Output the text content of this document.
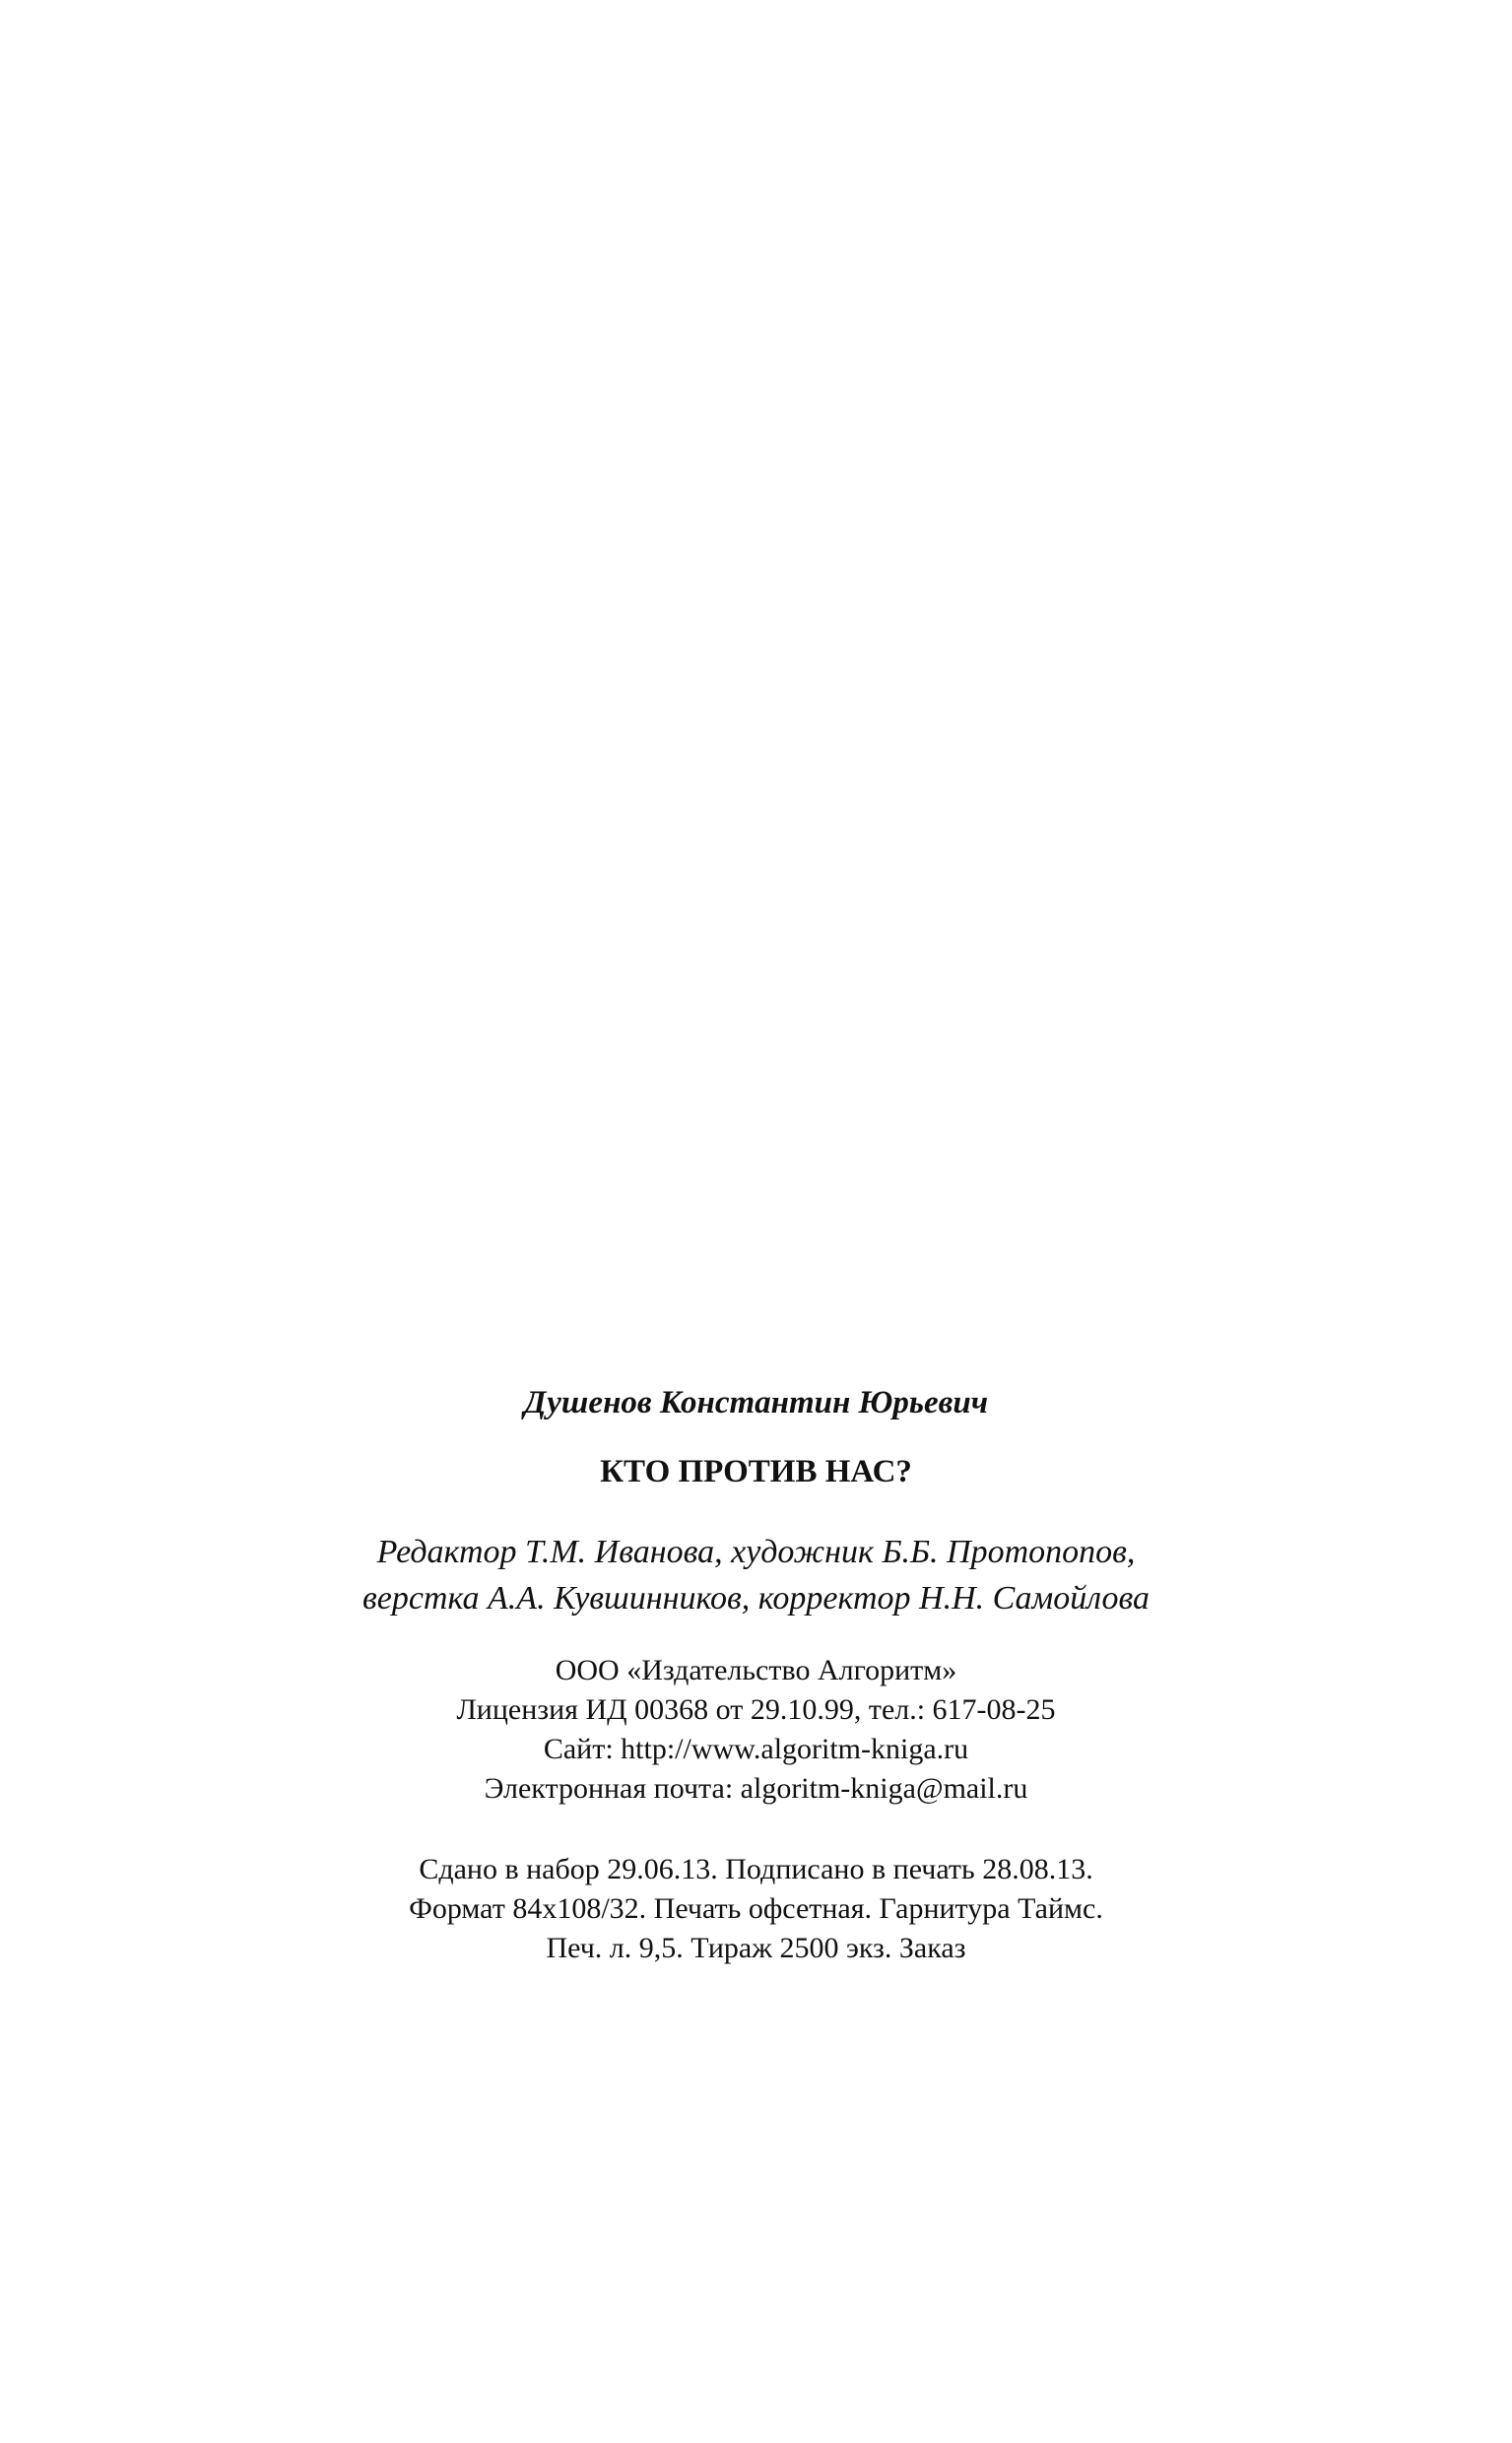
Душенов Константин Юрьевич
КТО ПРОТИВ НАС?
Редактор Т.М. Иванова, художник Б.Б. Протопопов,
верстка А.А. Кувшинников, корректор Н.Н. Самойлова
ООО «Издательство Алгоритм»
Лицензия ИД 00368 от 29.10.99, тел.: 617-08-25
Сайт: http://www.algoritm-kniga.ru
Электронная почта: algoritm-kniga@mail.ru
Сдано в набор 29.06.13. Подписано в печать 28.08.13.
Формат 84х108/32. Печать офсетная. Гарнитура Таймс.
Печ. л. 9,5. Тираж 2500 экз. Заказ
